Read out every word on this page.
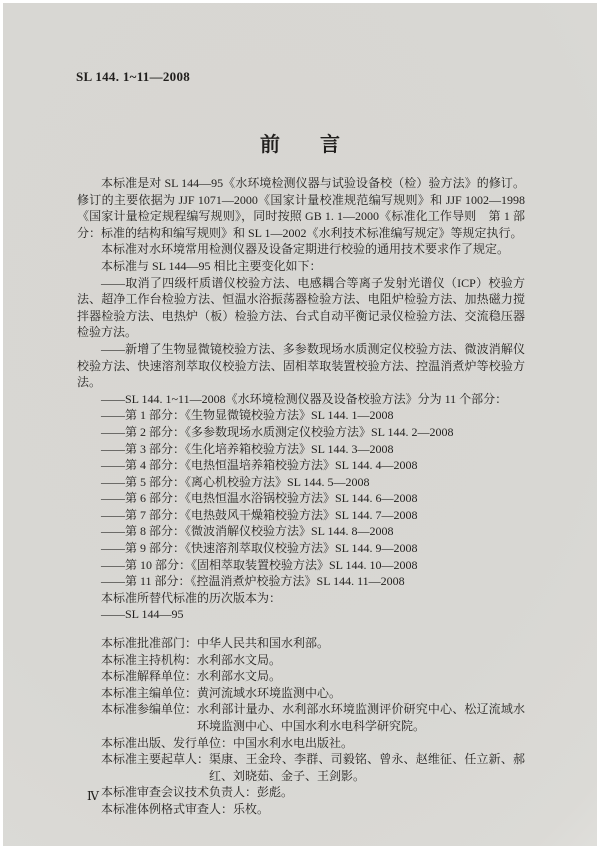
SL 144. 1~11—2008
前　　言

本标准是对 SL 144—95《水环境检测仪器与试验设备校（检）验方法》的修订。修订的主要依据为 JJF 1071—2000《国家计量校准规范编写规则》和 JJF 1002—1998《国家计量检定规程编写规则》，同时按照 GB 1. 1—2000《标准化工作导则　第 1 部分：标准的结构和编写规则》和 SL 1—2002《水利技术标准编写规定》等规定执行。

本标准对水环境常用检测仪器及设备定期进行校验的通用技术要求作了规定。

本标准与 SL 144—95 相比主要变化如下：

——取消了四级杆质谱仪校验方法、电感耦合等离子发射光谱仪（ICP）校验方法、超净工作台检验方法、恒温水浴振荡器检验方法、电阻炉检验方法、加热磁力搅拌器检验方法、电热炉（板）检验方法、台式自动平衡记录仪检验方法、交流稳压器检验方法。

——新增了生物显微镜校验方法、多参数现场水质测定仪校验方法、微波消解仪校验方法、快速溶剂萃取仪校验方法、固相萃取装置校验方法、控温消煮炉等校验方法。

——SL 144. 1~11—2008《水环境检测仪器及设备校验方法》分为 11 个部分：

——第 1 部分：《生物显微镜校验方法》SL 144. 1—2008

——第 2 部分：《多参数现场水质测定仪校验方法》SL 144. 2—2008

——第 3 部分：《生化培养箱校验方法》SL 144. 3—2008

——第 4 部分：《电热恒温培养箱校验方法》SL 144. 4—2008

——第 5 部分：《离心机校验方法》SL 144. 5—2008

——第 6 部分：《电热恒温水浴锅校验方法》SL 144. 6—2008

——第 7 部分：《电热鼓风干燥箱校验方法》SL 144. 7—2008

——第 8 部分：《微波消解仪校验方法》SL 144. 8—2008

——第 9 部分：《快速溶剂萃取仪校验方法》SL 144. 9—2008

——第 10 部分：《固相萃取装置校验方法》SL 144. 10—2008

——第 11 部分：《控温消煮炉校验方法》SL 144. 11—2008

本标准所替代标准的历次版本为：

——SL 144—95

本标准批准部门： 中华人民共和国水利部。

本标准主持机构： 水利部水文局。

本标准解释单位： 水利部水文局。

本标准主编单位： 黄河流域水环境监测中心。

本标准参编单位： 水利部计量办、水利部水环境监测评价研究中心、松辽流域水环境监测中心、中国水利水电科学研究院。

本标准出版、发行单位： 中国水利水电出版社。

本标准主要起草人： 渠康、王金玲、李群、司毅铭、曾永、赵维征、任立新、郝红、刘晓茹、金子、王剑影。

本标准审查会议技术负责人： 彭彪。

本标准体例格式审查人： 乐枚。

Ⅳ
